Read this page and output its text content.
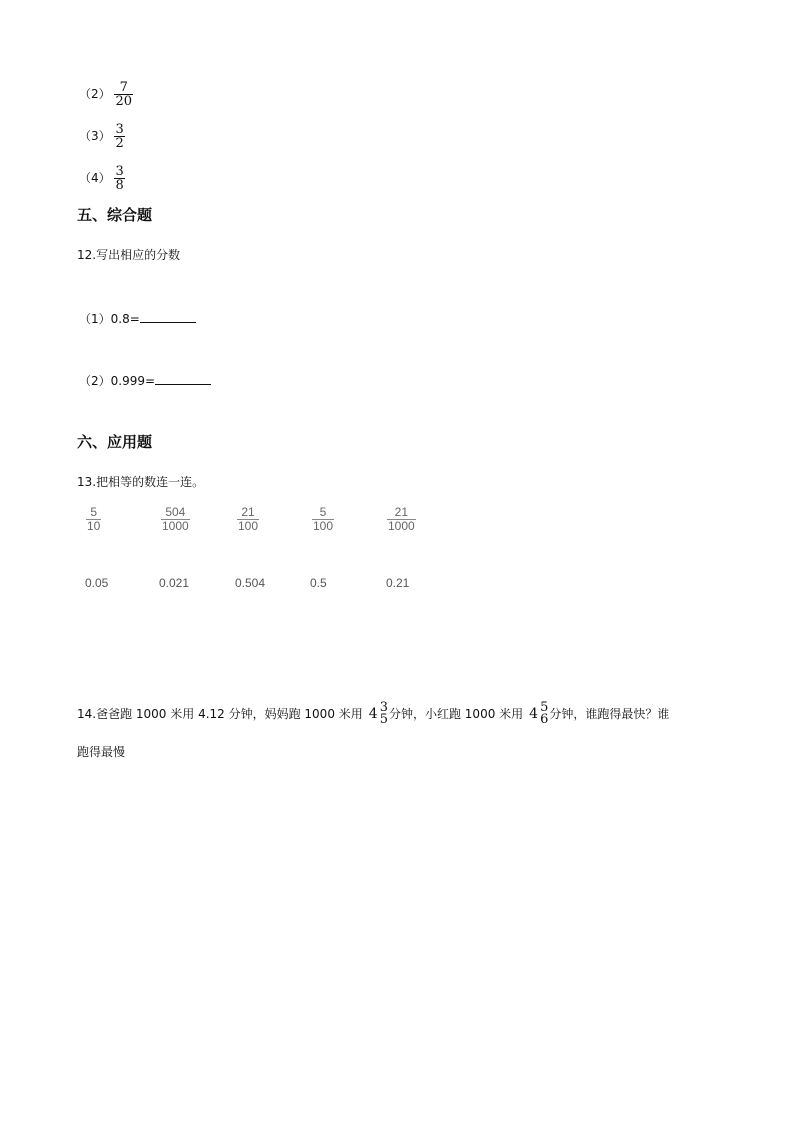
$(2) \frac{7}{20}$
$(3) \frac{3}{2}$
$(4) \frac{3}{8}$
五、综合题
12.写出相应的分数
（1）0.8=
（2）0.999=
六、应用题
13.把相等的数连一连。
5
10
504
1000
21
100
5
100
21
1000
0.05	0.021	0.504	0.5	0.21
14.爸爸跑 1000 米用 4.12 分钟，妈妈跑 1000 米用 4 3
5 分钟，小红跑 1000 米用 4 5
6 分钟，谁跑得最快？谁
跑得最慢
